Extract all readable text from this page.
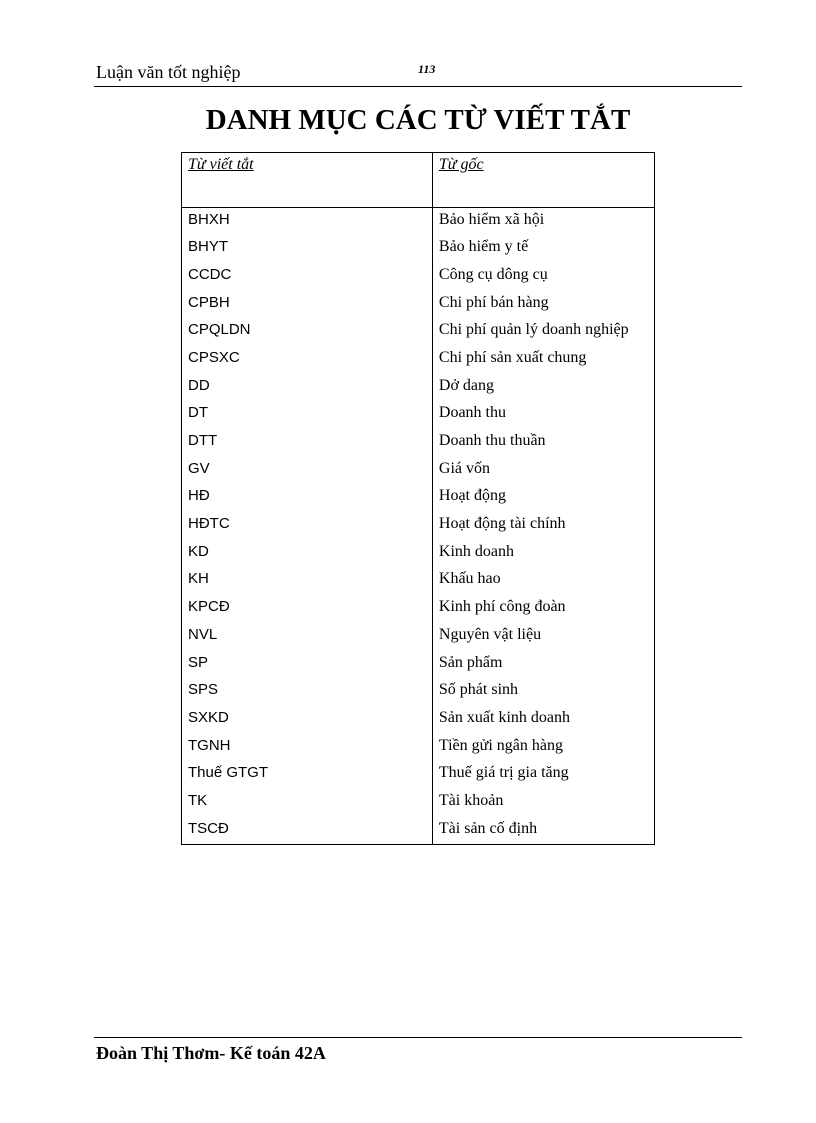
Luận văn tốt nghiệp	113
DANH MỤC CÁC TỪ VIẾT TẮT
Từ viết tắt	Từ gốc
BHXH	Bảo hiểm xã hội
BHYT	Bảo hiểm y tế
CCDC	Công cụ dông cụ
CPBH	Chi phí bán hàng
CPQLDN	Chi phí quản lý doanh nghiệp
CPSXC	Chi phí sản xuất chung
DD	Dở dang
DT	Doanh thu
DTT	Doanh thu thuần
GV	Giá vốn
HĐ	Hoạt động
HĐTC	Hoạt động tài chính
KD	Kinh doanh
KH	Khấu hao
KPCĐ	Kinh phí công đoàn
NVL	Nguyên vật liệu
SP	Sản phẩm
SPS	Số phát sinh
SXKD	Sản xuất kinh doanh
TGNH	Tiền gửi ngân hàng
Thuế GTGT	Thuế giá trị gia tăng
TK	Tài khoản
TSCĐ	Tài sản cố định
Đoàn Thị Thơm- Kế toán 42A
